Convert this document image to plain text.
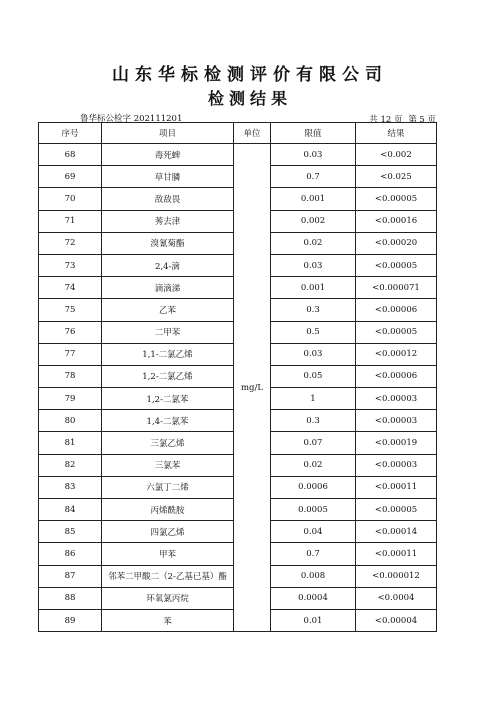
山东华标检测评价有限公司
检测结果
鲁华标公检字 202111201	共 12 页 第 5 页
序号	项目	单位	限值	结果
68	毒死蜱	mg/L	0.03	<0.002
69	草甘膦		0.7	<0.025
70	敌敌畏		0.001	<0.00005
71	莠去津		0.002	<0.00016
72	溴氰菊酯		0.02	<0.00020
73	2,4-滴		0.03	<0.00005
74	滴滴涕		0.001	<0.000071
75	乙苯		0.3	<0.00006
76	二甲苯		0.5	<0.00005
77	1,1-二氯乙烯		0.03	<0.00012
78	1,2-二氯乙烯		0.05	<0.00006
79	1,2-二氯苯		1	<0.00003
80	1,4-二氯苯		0.3	<0.00003
81	三氯乙烯		0.07	<0.00019
82	三氯苯		0.02	<0.00003
83	六氯丁二烯		0.0006	<0.00011
84	丙烯酰胺		0.0005	<0.00005
85	四氯乙烯		0.04	<0.00014
86	甲苯		0.7	<0.00011
87	邻苯二甲酸二（2-乙基已基）酯		0.008	<0.000012
88	环氧氯丙烷		0.0004	<0.0004
89	苯		0.01	<0.00004
